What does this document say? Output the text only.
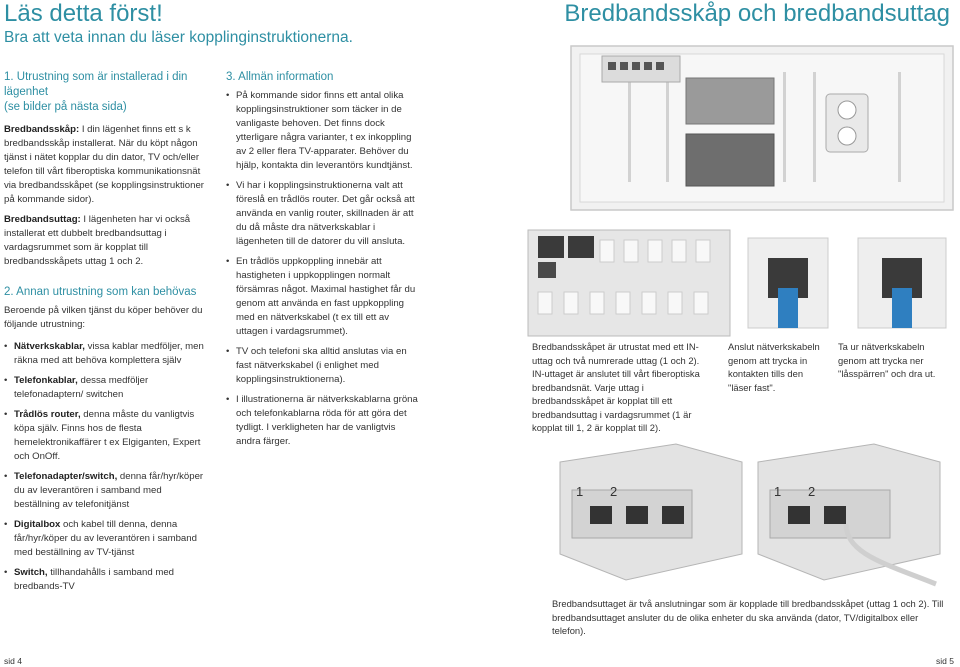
Läs detta först!
Bra att veta innan du läser kopplinginstruktionerna.
Bredbandsskåp och bredbandsuttag
1. Utrustning som är installerad i din lägenhet
(se bilder på nästa sida)

Bredbandsskåp: I din lägenhet finns ett s k bredbandsskåp installerat. När du köpt någon tjänst i nätet kopplar du din dator, TV och/eller telefon till vårt fiberoptiska kommunikationsnät via bredbandsskåpet (se kopplingsinstruktioner på kommande sidor).

Bredbandsuttag: I lägenheten har vi också installerat ett dubbelt bredbandsuttag i vardagsrummet som är kopplat till bredbandsskåpets uttag 1 och 2.

2. Annan utrustning som kan behövas

Beroende på vilken tjänst du köper behöver du följande utrustning:

• Nätverkskablar, vissa kablar medföljer, men räkna med att behöva komplettera själv
• Telefonkablar, dessa medföljer telefonadaptern/ switchen
• Trådlös router, denna måste du vanligtvis köpa själv. Finns hos de flesta hemelektronikaffärer t ex Elgiganten, Expert och OnOff.
• Telefonadapter/switch, denna får/hyr/köper du av leverantören i samband med beställning av telefonitjänst
• Digitalbox och kabel till denna, denna får/hyr/köper du av leverantören i samband med beställning av TV-tjänst
• Switch, tillhandahålls i samband med bredbands-TV
3. Allmän information
• På kommande sidor finns ett antal olika kopplingsinstruktioner som täcker in de vanligaste behoven. Det finns dock ytterligare några varianter, t ex inkoppling av 2 eller flera TV-apparater. Behöver du hjälp, kontakta din leverantörs kundtjänst.
• Vi har i kopplingsinstruktionerna valt att föreslå en trådlös router. Det går också att använda en vanlig router, skillnaden är att du då måste dra nätverkskablar i lägenheten till de datorer du vill ansluta.
• En trådlös uppkoppling innebär att hastigheten i uppkopplingen normalt försämras något. Maximal hastighet får du genom att använda en fast uppkoppling med en nätverkskabel (t ex till ett av uttagen i vardagsrummet).
• TV och telefoni ska alltid anslutas via en fast nätverkskabel (i enlighet med kopplingsinstruktionerna).
• I illustrationerna är nätverkskablarna gröna och telefonkablarna röda för att göra det tydligt. I verkligheten har de vanligtvis andra färger.
Bredbandsskåpet är utrustat med ett IN-uttag och två numrerade uttag (1 och 2). IN-uttaget är anslutet till vårt fiberoptiska bredbandsnät. Varje uttag i bredbandsskåpet är kopplat till ett bredbandsuttag i vardagsrummet (1 är kopplat till 1, 2 är kopplat till 2).
Anslut nätverkskabeln genom att trycka in kontakten tills den "läser fast".
Ta ur nätverkskabeln genom att trycka ner "låsspärren" och dra ut.
1 2	1 2
Bredbandsuttaget är två anslutningar som är kopplade till bredbandsskåpet (uttag 1 och 2). Till bredbandsuttaget ansluter du de olika enheter du ska använda (dator, TV/digitalbox eller telefon).
sid 4	sid 5
